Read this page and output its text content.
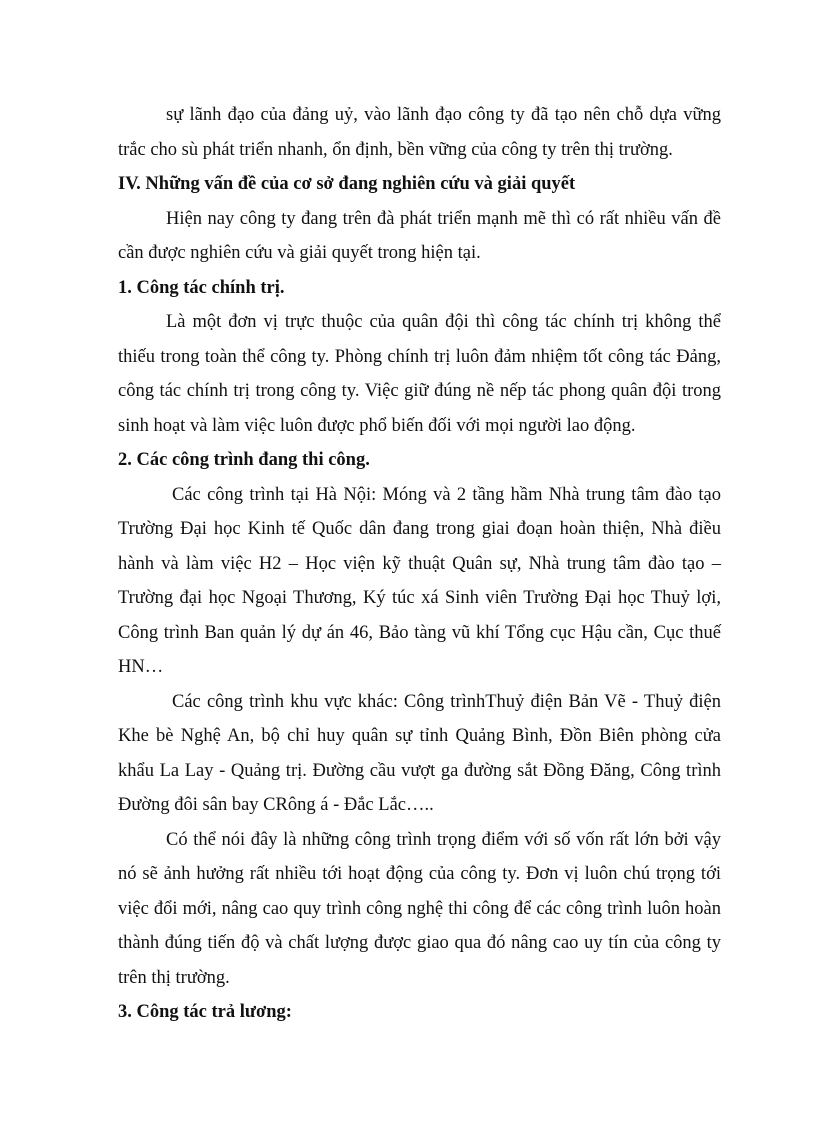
sự lãnh đạo của đảng uỷ, vào lãnh đạo công ty đã tạo nên chỗ dựa vững trắc cho sù phát triển nhanh, ổn định, bền vững của công ty trên thị trường.

IV. Những vấn đề của cơ sở đang nghiên cứu và giải quyết

Hiện nay công ty đang trên đà phát triển mạnh mẽ thì có rất nhiều vấn đề cần được nghiên cứu và giải quyết trong hiện tại.

1. Công tác chính trị.

Là một đơn vị trực thuộc của quân đội thì công tác chính trị không thể thiếu trong toàn thể công ty. Phòng chính trị luôn đảm nhiệm tốt công tác Đảng, công tác chính trị trong công ty. Việc giữ đúng nề nếp tác phong quân đội trong sinh hoạt và làm việc luôn được phổ biến đối với mọi người lao động.

2. Các công trình đang thi công.

Các công trình tại Hà Nội: Móng và 2 tầng hầm Nhà trung tâm đào tạo Trường Đại học Kinh tế Quốc dân đang trong giai đoạn hoàn thiện, Nhà điều hành và làm việc H2 – Học viện kỹ thuật Quân sự, Nhà trung tâm đào tạo – Trường đại học Ngoại Thương, Ký túc xá Sinh viên Trường Đại học Thuỷ lợi, Công trình Ban quản lý dự án 46, Bảo tàng vũ khí Tổng cục Hậu cần, Cục thuế HN…

Các công trình khu vực khác: Công trìnhThuỷ điện Bản Vẽ - Thuỷ điện Khe bè Nghệ An, bộ chỉ huy quân sự tỉnh Quảng Bình, Đồn Biên phòng cửa khẩu La Lay - Quảng trị. Đường cầu vượt ga đường sắt Đồng Đăng, Công trình Đường đôi sân bay CRông á - Đắc Lắc…..

Có thể nói đây là những công trình trọng điểm với số vốn rất lớn bởi vậy nó sẽ ảnh hưởng rất nhiều tới hoạt động của công ty. Đơn vị luôn chú trọng tới việc đổi mới, nâng cao quy trình công nghệ thi công để các công trình luôn hoàn thành đúng tiến độ và chất lượng được giao qua đó nâng cao uy tín của công ty trên thị trường.

3. Công tác trả lương:
